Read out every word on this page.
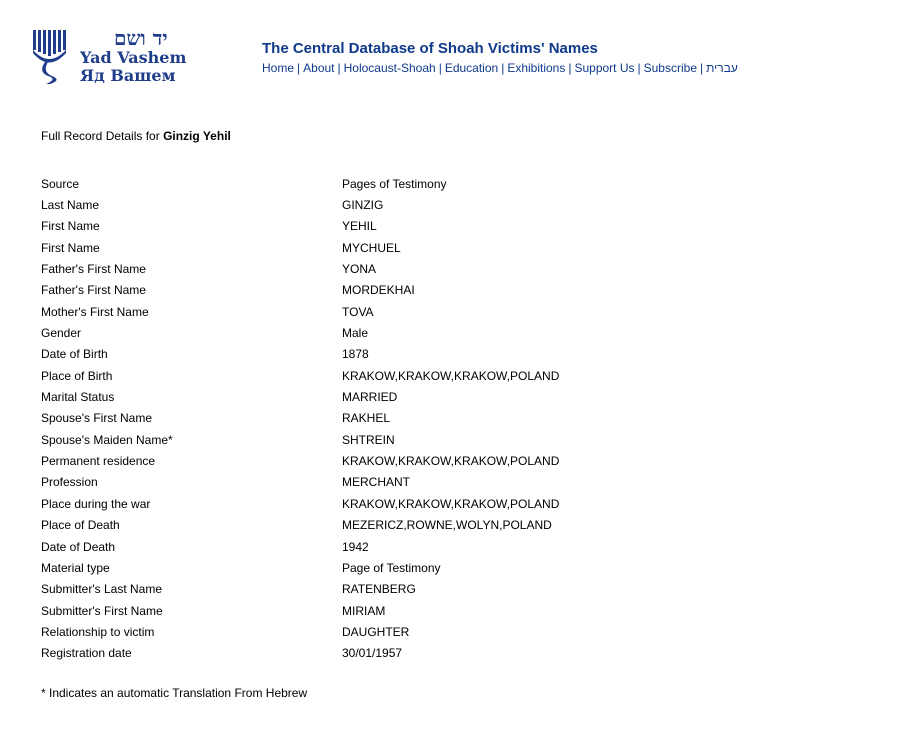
יד ושם
Yad Vashem
Яд Вашем
The Central Database of Shoah Victims' Names
Home | About | Holocaust-Shoah | Education | Exhibitions | Support Us | Subscribe | עברית
Full Record Details for Ginzig Yehil
Source	Pages of Testimony
Last Name	GINZIG
First Name	YEHIL
First Name	MYCHUEL
Father's First Name	YONA
Father's First Name	MORDEKHAI
Mother's First Name	TOVA
Gender	Male
Date of Birth	1878
Place of Birth	KRAKOW,KRAKOW,KRAKOW,POLAND
Marital Status	MARRIED
Spouse's First Name	RAKHEL
Spouse's Maiden Name*	SHTREIN
Permanent residence	KRAKOW,KRAKOW,KRAKOW,POLAND
Profession	MERCHANT
Place during the war	KRAKOW,KRAKOW,KRAKOW,POLAND
Place of Death	MEZERICZ,ROWNE,WOLYN,POLAND
Date of Death	1942
Material type	Page of Testimony
Submitter's Last Name	RATENBERG
Submitter's First Name	MIRIAM
Relationship to victim	DAUGHTER
Registration date	30/01/1957
* Indicates an automatic Translation From Hebrew
